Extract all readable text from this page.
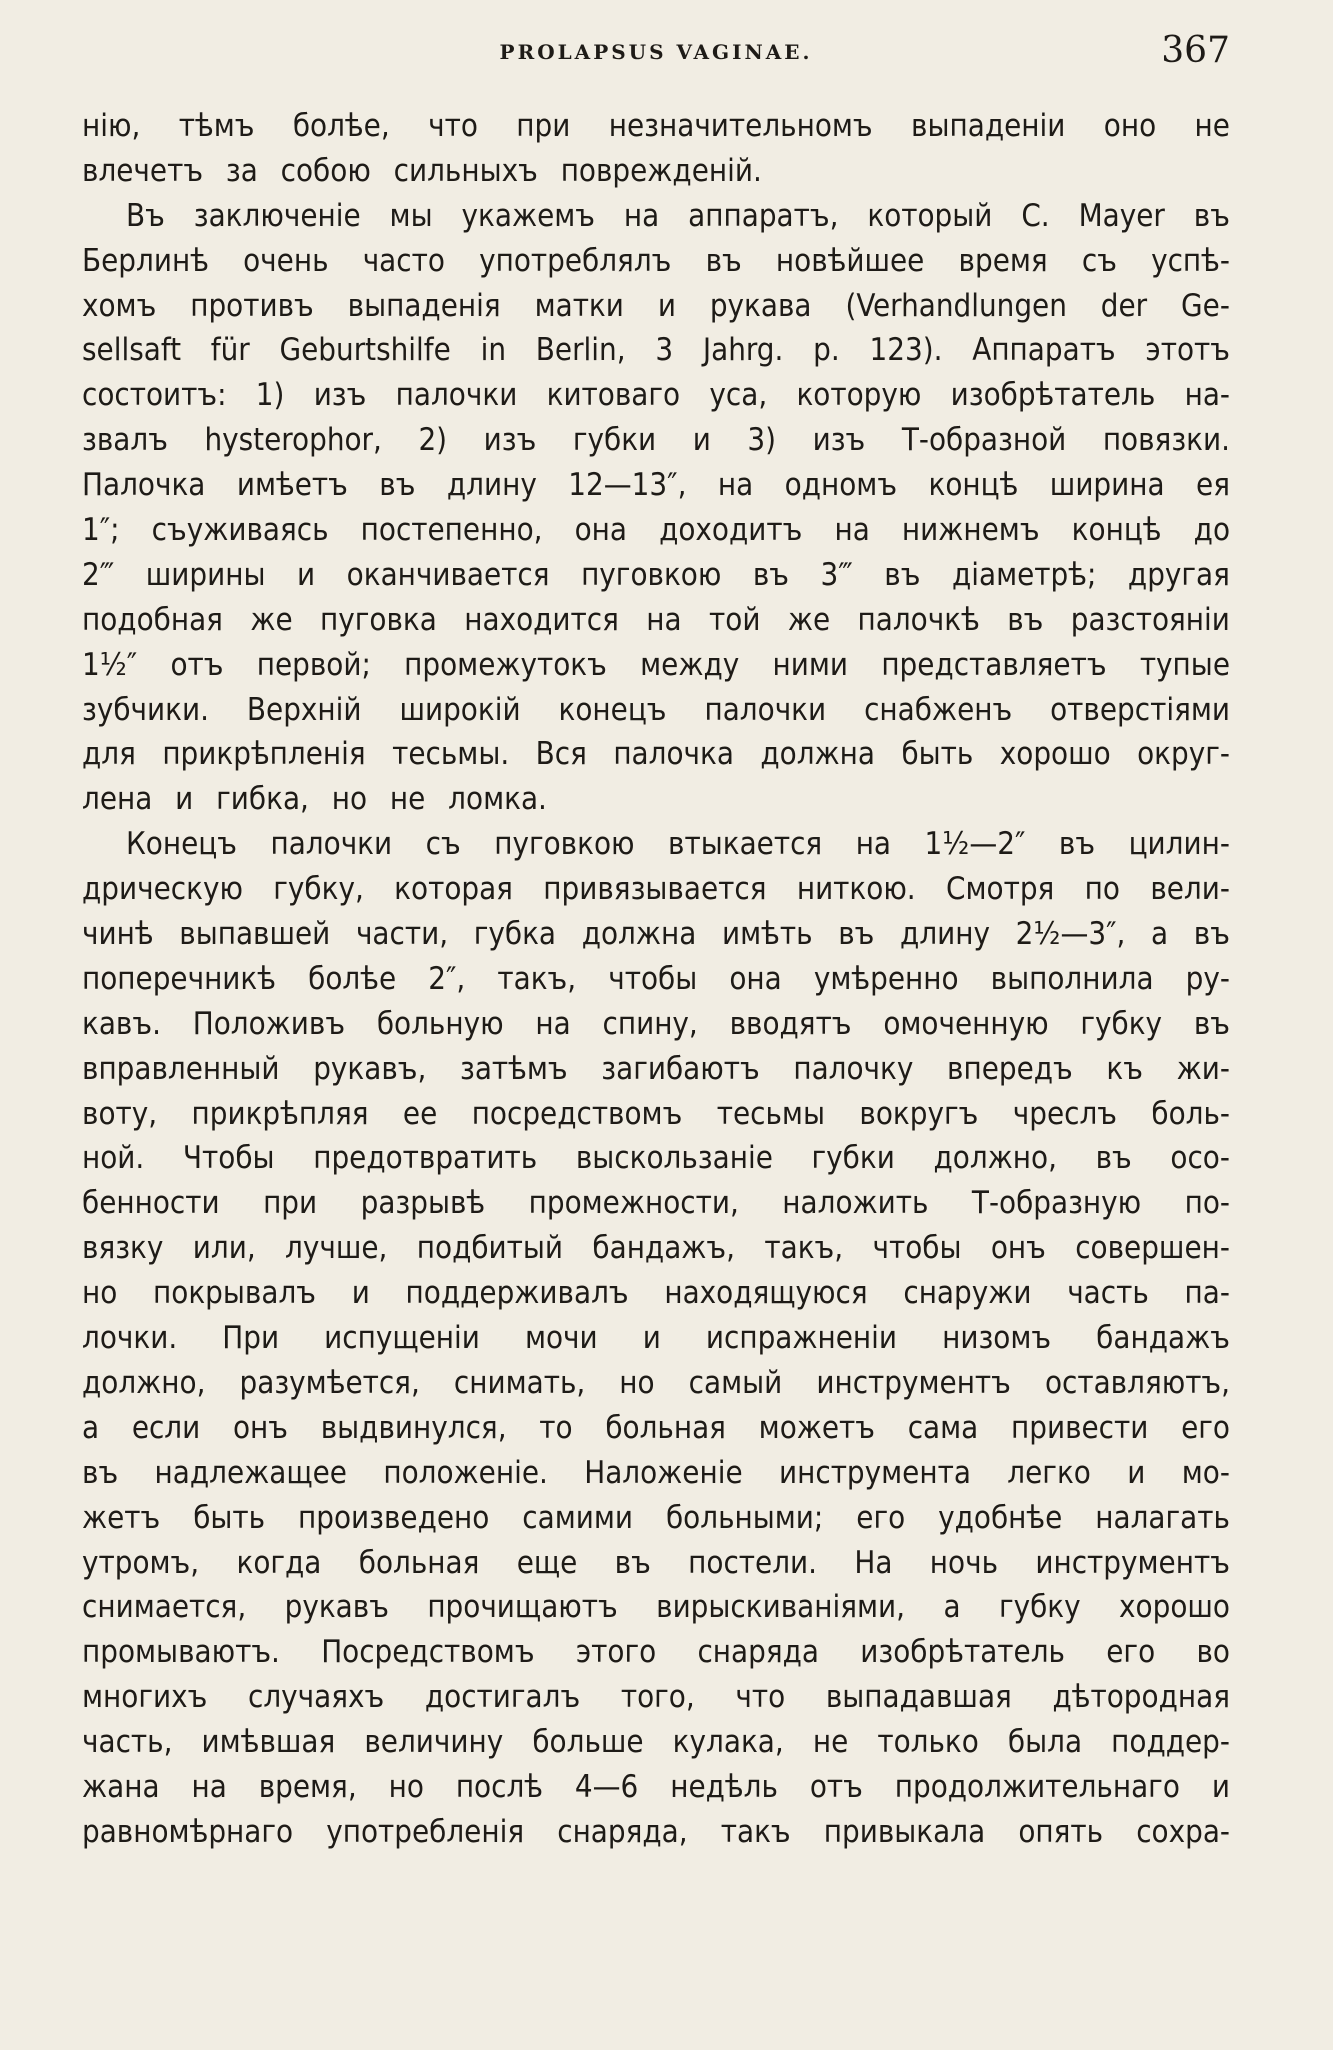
PROLAPSUS VAGINAE.	367
нію, тѣмъ болѣе, что при незначительномъ выпаденіи оно не
влечетъ за собою сильныхъ поврежденій.
Въ заключеніе мы укажемъ на аппаратъ, который C. Mayer въ
Берлинѣ очень часто употреблялъ въ новѣйшее время съ успѣ-
хомъ противъ выпаденія матки и рукава (Verhandlungen der Ge-
sellsaft für Geburtshilfe in Berlin, 3 Jahrg. p. 123). Аппаратъ этотъ
состоитъ: 1) изъ палочки китоваго уса, которую изобрѣтатель на-
звалъ hysterophor, 2) изъ губки и 3) изъ Т-образной повязки.
Палочка имѣетъ въ длину 12—13″, на одномъ концѣ ширина ея
1″; съуживаясь постепенно, она доходитъ на нижнемъ концѣ до
2‴ ширины и оканчивается пуговкою въ 3‴ въ діаметрѣ; другая
подобная же пуговка находится на той же палочкѣ въ разстояніи
1½″ отъ первой; промежутокъ между ними представляетъ тупые
зубчики. Верхній широкій конецъ палочки снабженъ отверстіями
для прикрѣпленія тесьмы. Вся палочка должна быть хорошо округ-
лена и гибка, но не ломка.
Конецъ палочки съ пуговкою втыкается на 1½—2″ въ цилин-
дрическую губку, которая привязывается ниткою. Смотря по вели-
чинѣ выпавшей части, губка должна имѣть въ длину 2½—3″, а въ
поперечникѣ болѣе 2″, такъ, чтобы она умѣренно выполнила ру-
кавъ. Положивъ больную на спину, вводятъ омоченную губку въ
вправленный рукавъ, затѣмъ загибаютъ палочку впередъ къ жи-
воту, прикрѣпляя ее посредствомъ тесьмы вокругъ чреслъ боль-
ной. Чтобы предотвратить выскользаніе губки должно, въ осо-
бенности при разрывѣ промежности, наложить Т-образную по-
вязку или, лучше, подбитый бандажъ, такъ, чтобы онъ совершен-
но покрывалъ и поддерживалъ находящуюся снаружи часть па-
лочки. При испущеніи мочи и испражненіи низомъ бандажъ
должно, разумѣется, снимать, но самый инструментъ оставляютъ,
а если онъ выдвинулся, то больная можетъ сама привести его
въ надлежащее положеніе. Наложеніе инструмента легко и мо-
жетъ быть произведено самими больными; его удобнѣе налагать
утромъ, когда больная еще въ постели. На ночь инструментъ
снимается, рукавъ прочищаютъ вирыскиваніями, а губку хорошо
промываютъ. Посредствомъ этого снаряда изобрѣтатель его во
многихъ случаяхъ достигалъ того, что выпадавшая дѣтородная
часть, имѣвшая величину больше кулака, не только была поддер-
жана на время, но послѣ 4—6 недѣль отъ продолжительнаго и
равномѣрнаго употребленія снаряда, такъ привыкала опять сохра-
